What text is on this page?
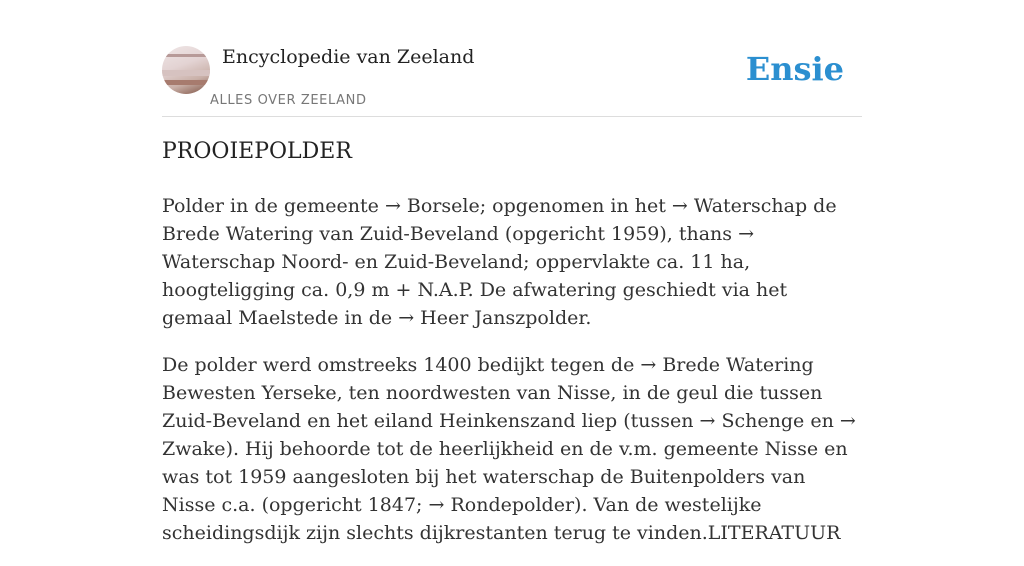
Encyclopedie van Zeeland
ALLES OVER ZEELAND
Ensie
PROOIEPOLDER

Polder in de gemeente → Borsele; opgenomen in het → Waterschap de Brede Watering van Zuid-Beveland (opgericht 1959), thans → Waterschap Noord- en Zuid-Beveland; oppervlakte ca. 11 ha, hoogteligging ca. 0,9 m + N.A.P. De afwatering geschiedt via het gemaal Maelstede in de → Heer Janszpolder.

De polder werd omstreeks 1400 bedijkt tegen de → Brede Watering Bewesten Yerseke, ten noordwesten van Nisse, in de geul die tussen Zuid-Beveland en het eiland Heinkenszand liep (tussen → Schenge en → Zwake). Hij behoorde tot de heerlijkheid en de v.m. gemeente Nisse en was tot 1959 aangesloten bij het waterschap de Buitenpolders van Nisse c.a. (opgericht 1847; → Rondepolder). Van de westelijke scheidingsdijk zijn slechts dijkrestanten terug te vinden.LITERATUUR
